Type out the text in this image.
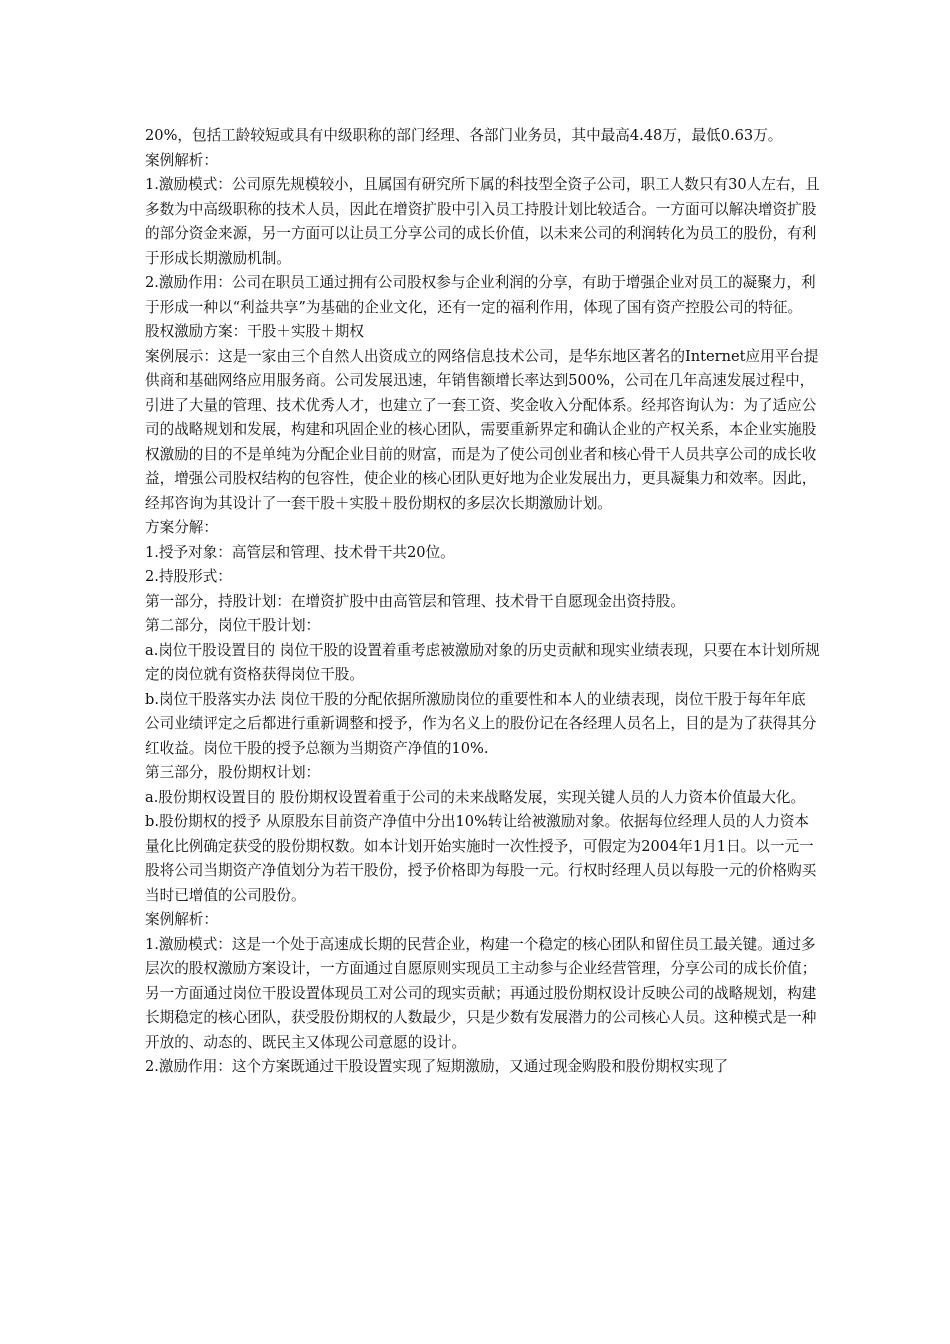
20%，包括工龄较短或具有中级职称的部门经理、各部门业务员，其中最高4.48万，最低0.63万。

案例解析：

1.激励模式：公司原先规模较小，且属国有研究所下属的科技型全资子公司，职工人数只有30人左右，且多数为中高级职称的技术人员，因此在增资扩股中引入员工持股计划比较适合。一方面可以解决增资扩股的部分资金来源，另一方面可以让员工分享公司的成长价值，以未来公司的利润转化为员工的股份，有利于形成长期激励机制。

2.激励作用：公司在职员工通过拥有公司股权参与企业利润的分享，有助于增强企业对员工的凝聚力，利于形成一种以“利益共享”为基础的企业文化，还有一定的福利作用，体现了国有资产控股公司的特征。

股权激励方案：干股＋实股＋期权

案例展示：这是一家由三个自然人出资成立的网络信息技术公司，是华东地区著名的Internet应用平台提供商和基础网络应用服务商。公司发展迅速，年销售额增长率达到500%，公司在几年高速发展过程中，引进了大量的管理、技术优秀人才，也建立了一套工资、奖金收入分配体系。经邦咨询认为：为了适应公司的战略规划和发展，构建和巩固企业的核心团队，需要重新界定和确认企业的产权关系，本企业实施股权激励的目的不是单纯为分配企业目前的财富，而是为了使公司创业者和核心骨干人员共享公司的成长收益，增强公司股权结构的包容性，使企业的核心团队更好地为企业发展出力，更具凝集力和效率。因此，经邦咨询为其设计了一套干股＋实股＋股份期权的多层次长期激励计划。

方案分解：

1.授予对象：高管层和管理、技术骨干共20位。

2.持股形式：

第一部分，持股计划：在增资扩股中由高管层和管理、技术骨干自愿现金出资持股。

第二部分，岗位干股计划：

a.岗位干股设置目的 岗位干股的设置着重考虑被激励对象的历史贡献和现实业绩表现，只要在本计划所规定的岗位就有资格获得岗位干股。

b.岗位干股落实办法 岗位干股的分配依据所激励岗位的重要性和本人的业绩表现，岗位干股于每年年底公司业绩评定之后都进行重新调整和授予，作为名义上的股份记在各经理人员名上，目的是为了获得其分红收益。岗位干股的授予总额为当期资产净值的10%.

第三部分，股份期权计划：

a.股份期权设置目的 股份期权设置着重于公司的未来战略发展，实现关键人员的人力资本价值最大化。

b.股份期权的授予 从原股东目前资产净值中分出10%转让给被激励对象。依据每位经理人员的人力资本量化比例确定获受的股份期权数。如本计划开始实施时一次性授予，可假定为2004年1月1日。以一元一股将公司当期资产净值划分为若干股份，授予价格即为每股一元。行权时经理人员以每股一元的价格购买当时已增值的公司股份。

案例解析：

1.激励模式：这是一个处于高速成长期的民营企业，构建一个稳定的核心团队和留住员工最关键。通过多层次的股权激励方案设计，一方面通过自愿原则实现员工主动参与企业经营管理，分享公司的成长价值；另一方面通过岗位干股设置体现员工对公司的现实贡献；再通过股份期权设计反映公司的战略规划，构建长期稳定的核心团队，获受股份期权的人数最少，只是少数有发展潜力的公司核心人员。这种模式是一种开放的、动态的、既民主又体现公司意愿的设计。

2.激励作用：这个方案既通过干股设置实现了短期激励，又通过现金购股和股份期权实现了
